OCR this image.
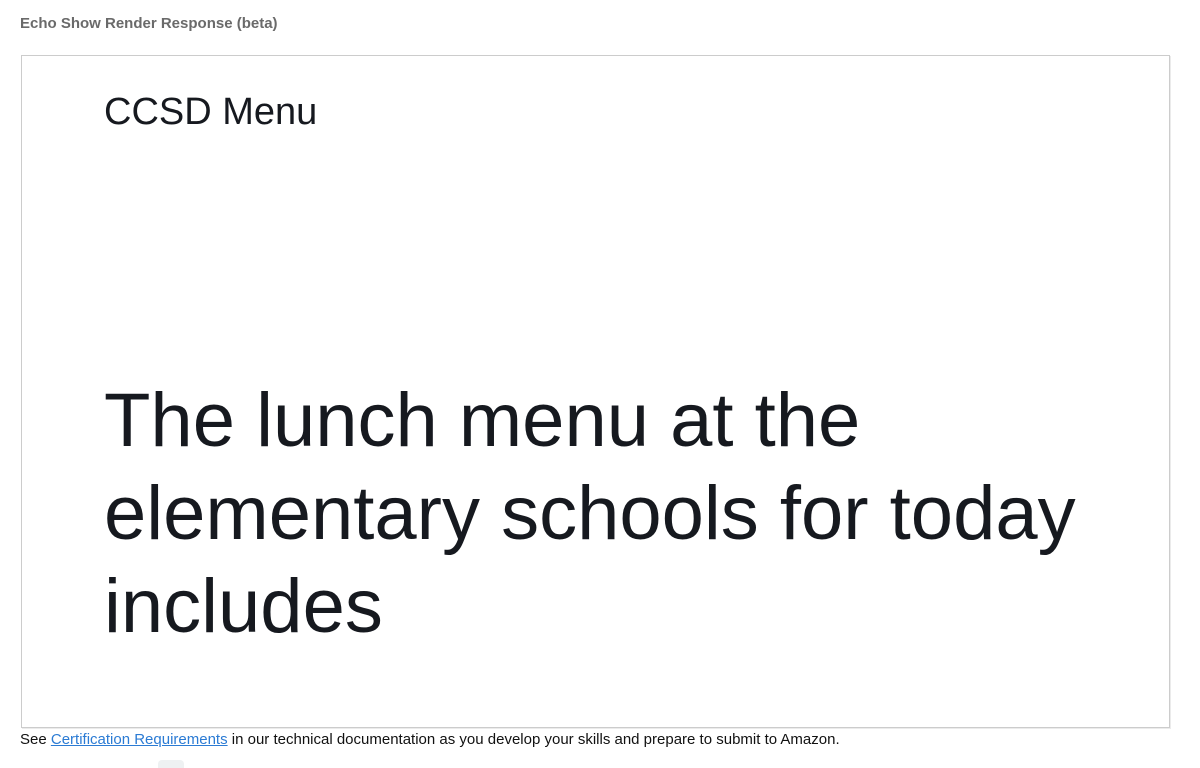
Echo Show Render Response (beta)
CCSD Menu
The lunch menu at the elementary schools for today includes
See Certification Requirements in our technical documentation as you develop your skills and prepare to submit to Amazon.
